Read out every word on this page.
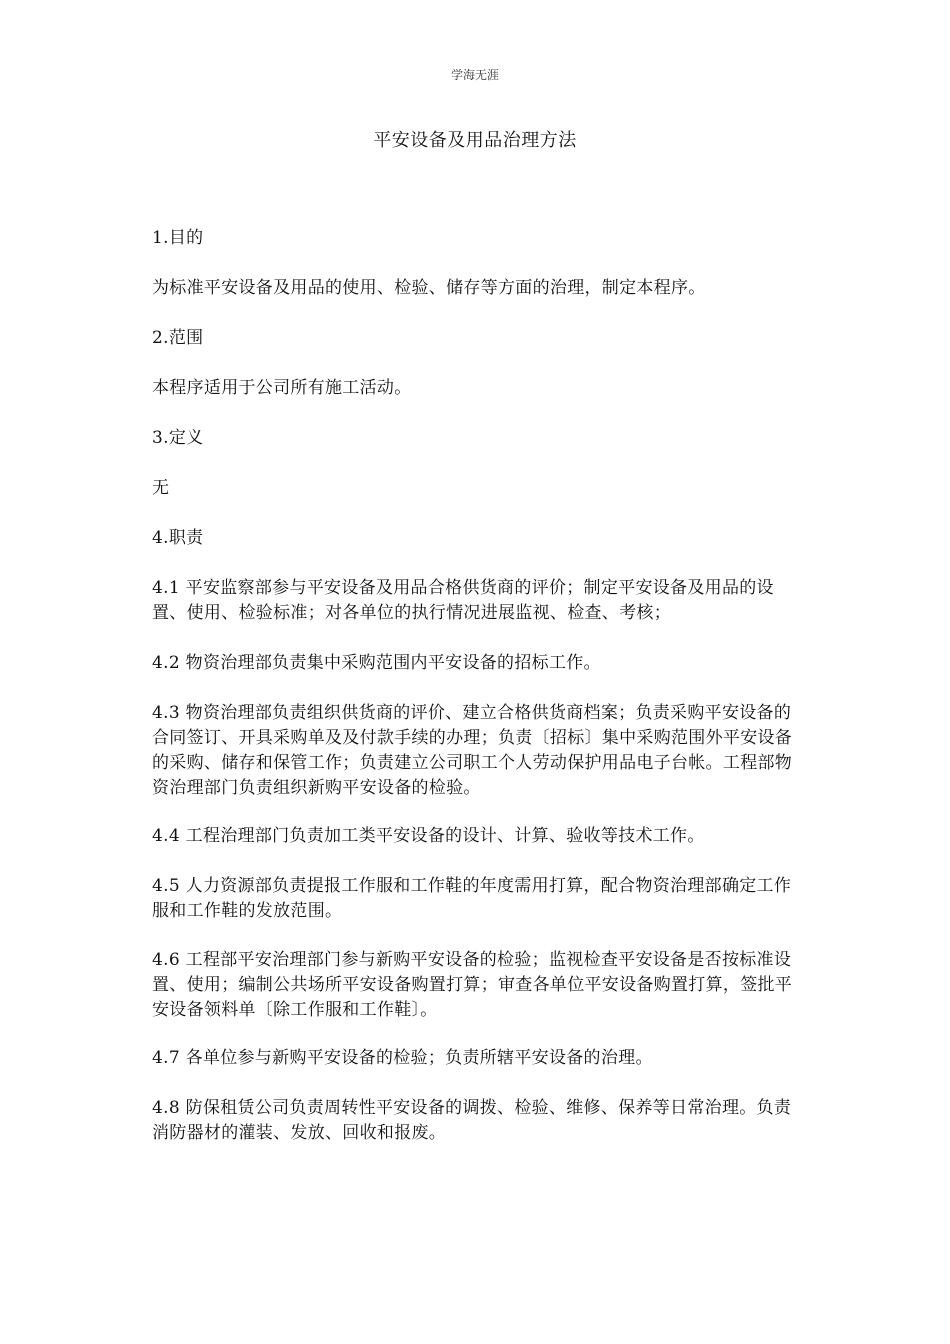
学海无涯
平安设备及用品治理方法

1.目的

为标准平安设备及用品的使用、检验、储存等方面的治理，制定本程序。

2.范围

本程序适用于公司所有施工活动。

3.定义

无

4.职责

4.1 平安监察部参与平安设备及用品合格供货商的评价；制定平安设备及用品的设置、使用、检验标准；对各单位的执行情况进展监视、检查、考核；

4.2 物资治理部负责集中采购范围内平安设备的招标工作。

4.3 物资治理部负责组织供货商的评价、建立合格供货商档案；负责采购平安设备的合同签订、开具采购单及及付款手续的办理；负责〔招标〕集中采购范围外平安设备的采购、储存和保管工作；负责建立公司职工个人劳动保护用品电子台帐。工程部物资治理部门负责组织新购平安设备的检验。

4.4 工程治理部门负责加工类平安设备的设计、计算、验收等技术工作。

4.5 人力资源部负责提报工作服和工作鞋的年度需用打算，配合物资治理部确定工作服和工作鞋的发放范围。

4.6 工程部平安治理部门参与新购平安设备的检验；监视检查平安设备是否按标准设置、使用；编制公共场所平安设备购置打算；审查各单位平安设备购置打算，签批平安设备领料单〔除工作服和工作鞋〕。

4.7 各单位参与新购平安设备的检验；负责所辖平安设备的治理。

4.8 防保租赁公司负责周转性平安设备的调拨、检验、维修、保养等日常治理。负责消防器材的灌装、发放、回收和报废。
